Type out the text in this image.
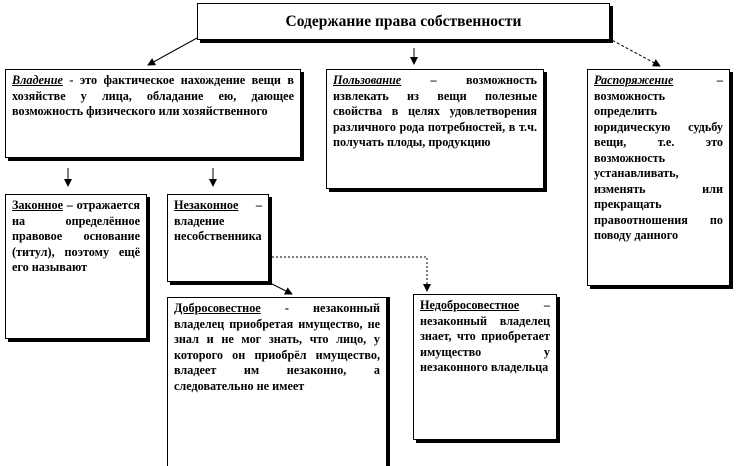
Содержание права собственности
Владение - это фактическое нахождение вещи в хозяйстве у лица, обладание ею, дающее возможность физического или хозяйственного
Пользование – возможность извлекать из вещи полезные свойства в целях удовлетворения различного рода потребностей, в т.ч. получать плоды, продукцию
Распоряжение – возможность определить юридическую судьбу вещи, т.е. это возможность устанавливать, изменять или прекращать правоотношения по поводу данного
Законное – отражается на определённое правовое основание (титул), поэтому ещё его называют
Незаконное – владение несобственника
Добросовестное - незаконный владелец приобретая имущество, не знал и не мог знать, что лицо, у которого он приобрёл имущество, владеет им незаконно, а следовательно не имеет
Недобросовестное – незаконный владелец знает, что приобретает имущество у незаконного владельца
